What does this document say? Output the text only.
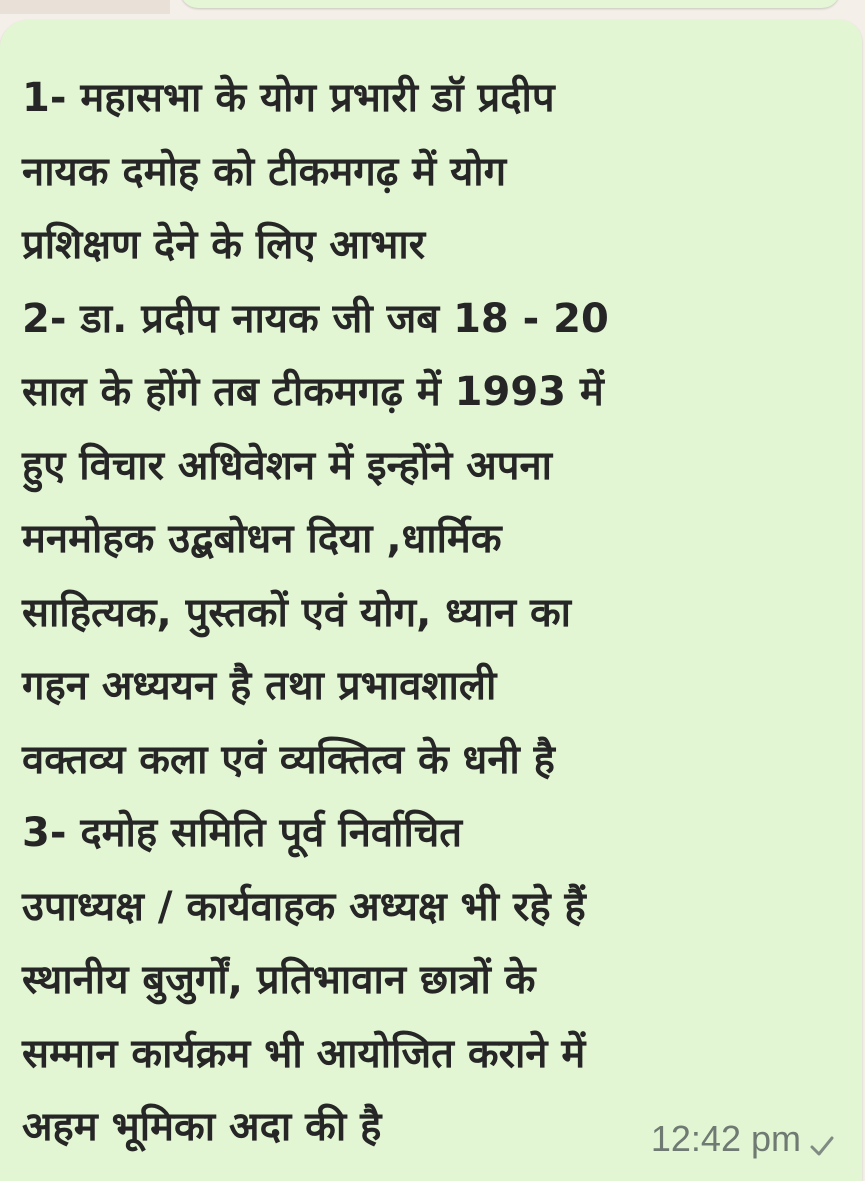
1- महासभा के योग प्रभारी डॉ प्रदीप
नायक दमोह को टीकमगढ़ में योग
प्रशिक्षण देने के लिए आभार
2- डा. प्रदीप नायक जी जब 18 - 20
साल के होंगे तब टीकमगढ़ में 1993 में
हुए विचार अधिवेशन में इन्होंने अपना
मनमोहक उद्बबोधन दिया ,धार्मिक
साहित्यक, पुस्तकों एवं योग, ध्यान का
गहन अध्ययन है तथा प्रभावशाली
वक्तव्य कला एवं व्यक्तित्व के धनी है
3- दमोह समिति पूर्व निर्वाचित
उपाध्यक्ष / कार्यवाहक अध्यक्ष भी रहे हैं
स्थानीय बुजुर्गों, प्रतिभावान छात्रों के
सम्मान कार्यक्रम भी आयोजित कराने में
अहम भूमिका अदा की है	12:42 pm
